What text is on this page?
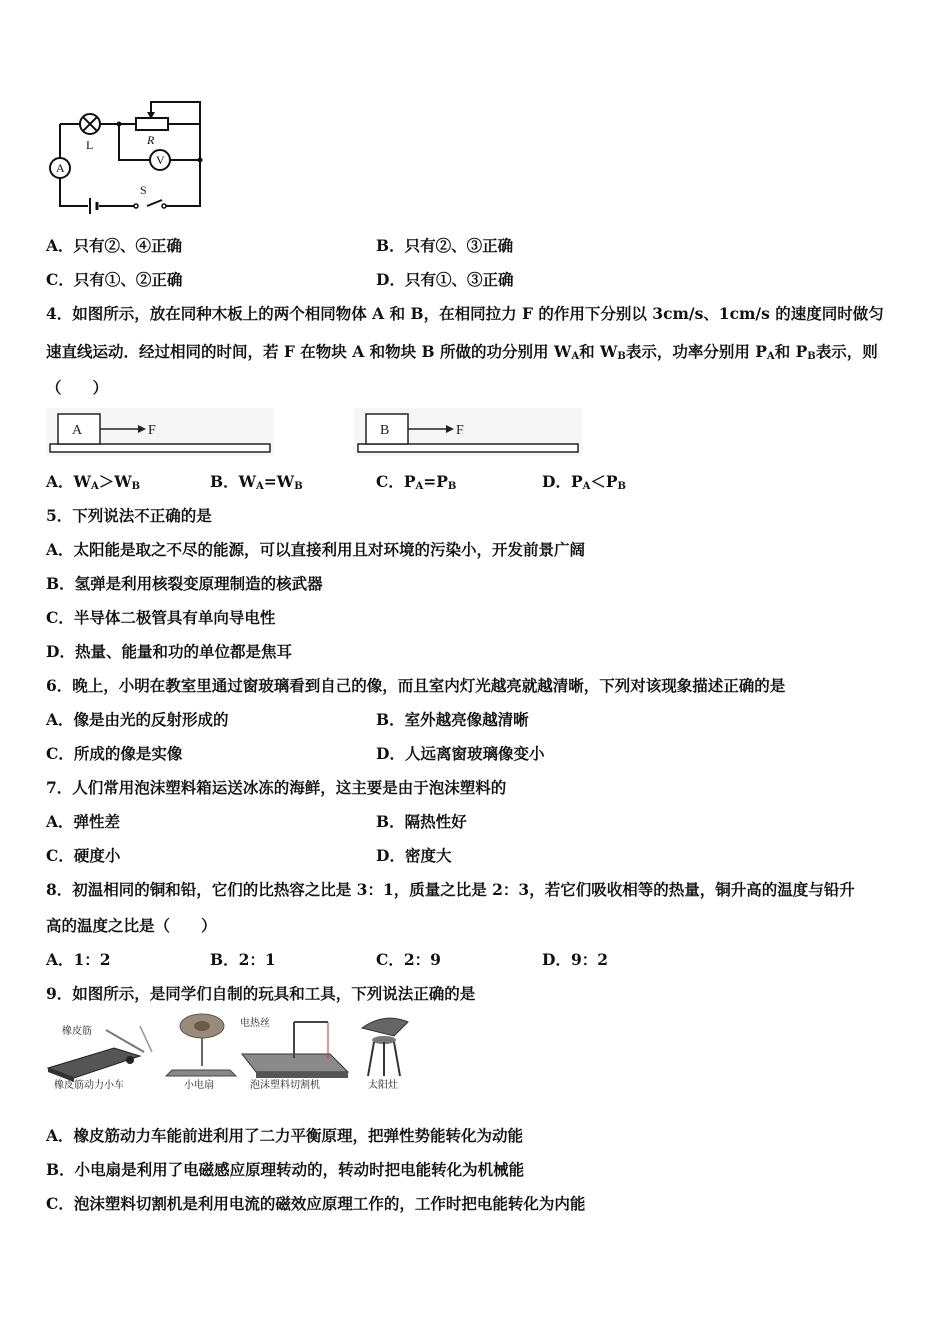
L	R
A
V
S
A．只有②、④正确	B．只有②、③正确
C．只有①、②正确	D．只有①、③正确
4．如图所示，放在同种木板上的两个相同物体 A 和 B，在相同拉力 F 的作用下分别以 3cm/s、1cm/s 的速度同时做匀
速直线运动．经过相同的时间，若 F 在物块 A 和物块 B 所做的功分别用 $W_A$和 $W_B$表示，功率分别用 $P_A$和 $P_B$表示，则
（　　）
A	F	B	F
A．$W_A>W_B$	B．$W_A=W_B$	C．$P_A=P_B$	D．$P_A<P_B$
5．下列说法不正确的是
A．太阳能是取之不尽的能源，可以直接利用且对环境的污染小，开发前景广阔
B．氢弹是利用核裂变原理制造的核武器
C．半导体二极管具有单向导电性
D．热量、能量和功的单位都是焦耳
6．晚上，小明在教室里通过窗玻璃看到自己的像，而且室内灯光越亮就越清晰，下列对该现象描述正确的是
A．像是由光的反射形成的	B．室外越亮像越清晰
C．所成的像是实像	D．人远离窗玻璃像变小
7．人们常用泡沫塑料箱运送冰冻的海鲜，这主要是由于泡沫塑料的
A．弹性差	B．隔热性好
C．硬度小	D．密度大
8．初温相同的铜和铅，它们的比热容之比是 3：1，质量之比是 2：3，若它们吸收相等的热量，铜升高的温度与铅升
高的温度之比是（　　）
A．1：2	B．2：1	C．2：9	D．9：2
9．如图所示，是同学们自制的玩具和工具，下列说法正确的是
橡皮筋
橡皮筋动力小车	小电扇
电热丝
泡沫塑料切割机	太阳灶
A．橡皮筋动力车能前进利用了二力平衡原理，把弹性势能转化为动能
B．小电扇是利用了电磁感应原理转动的，转动时把电能转化为机械能
C．泡沫塑料切割机是利用电流的磁效应原理工作的，工作时把电能转化为内能
